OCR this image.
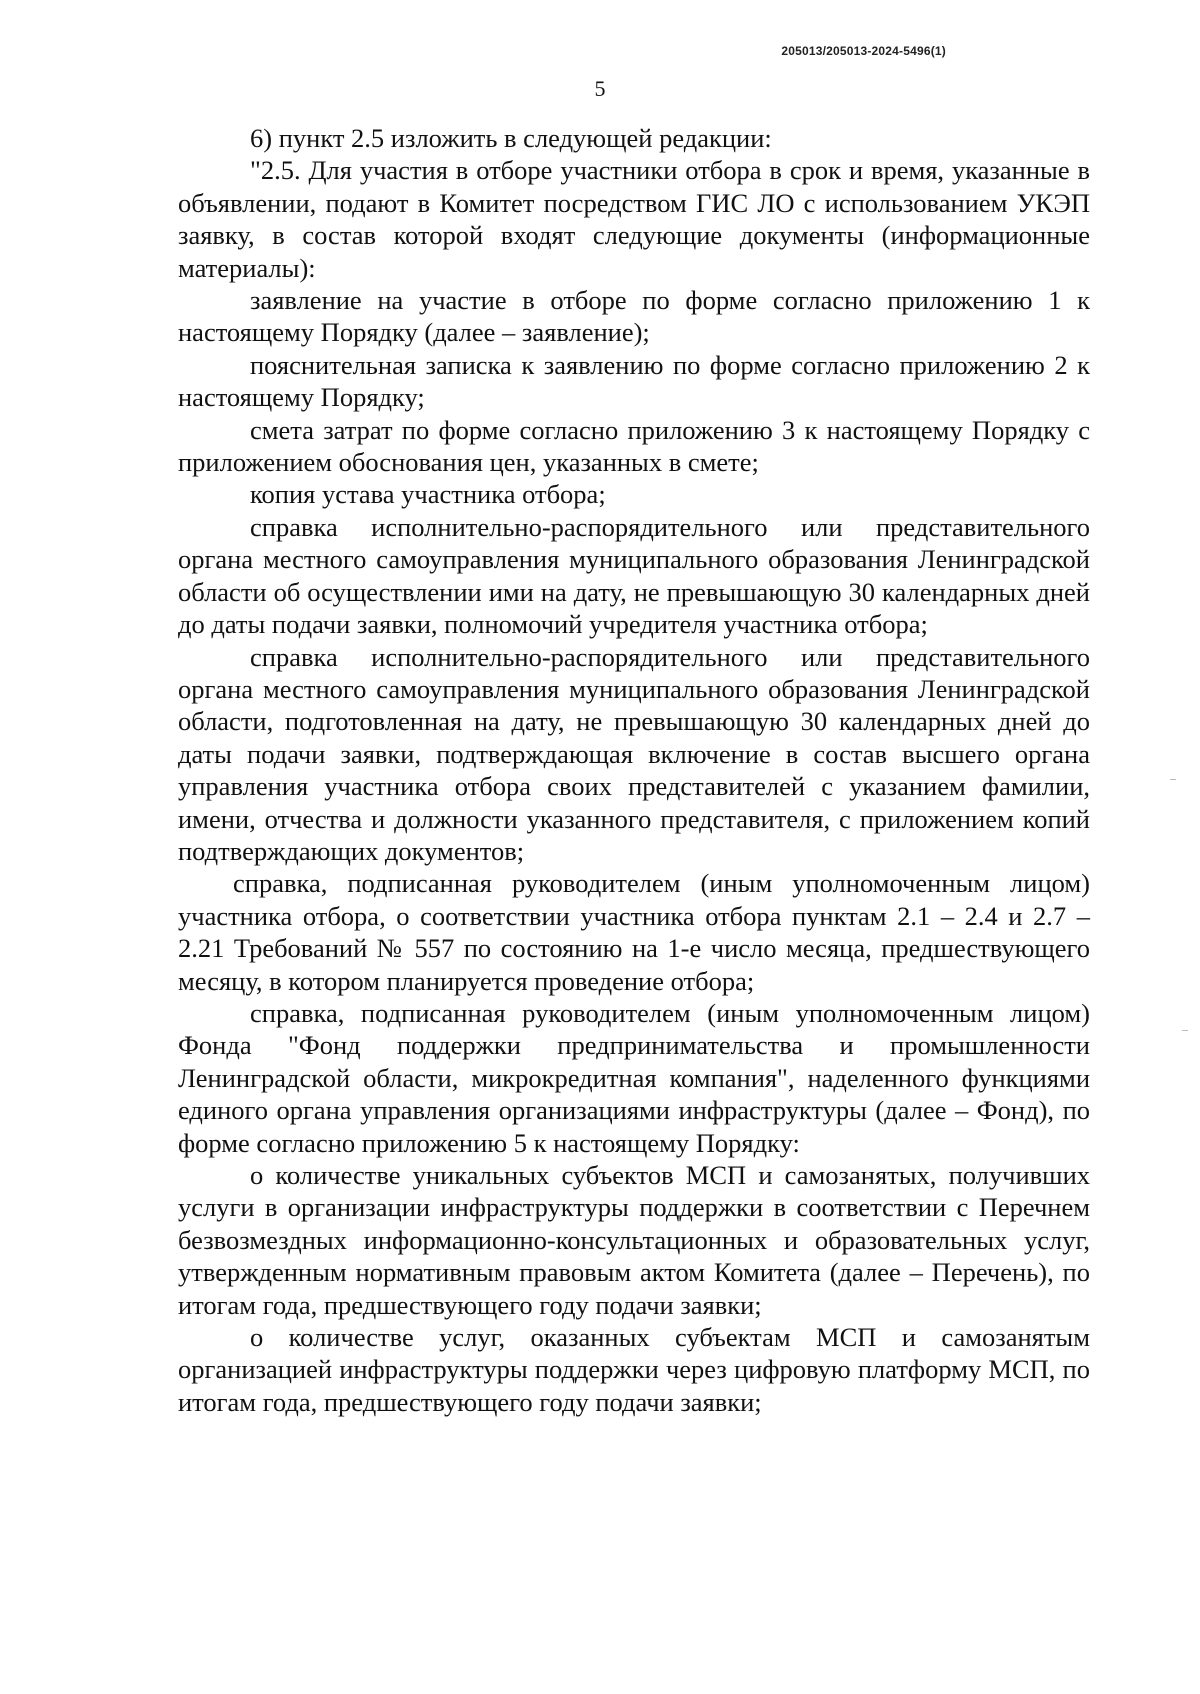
205013/205013-2024-5496(1)
5

6) пункт 2.5 изложить в следующей редакции:

"2.5. Для участия в отборе участники отбора в срок и время, указанные в объявлении, подают в Комитет посредством ГИС ЛО с использованием УКЭП заявку, в состав которой входят следующие документы (информационные материалы):

заявление на участие в отборе по форме согласно приложению 1 к настоящему Порядку (далее – заявление);

пояснительная записка к заявлению по форме согласно приложению 2 к настоящему Порядку;

смета затрат по форме согласно приложению 3 к настоящему Порядку с приложением обоснования цен, указанных в смете;

копия устава участника отбора;

справка исполнительно-распорядительного или представительного органа местного самоуправления муниципального образования Ленинградской области об осуществлении ими на дату, не превышающую 30 календарных дней до даты подачи заявки, полномочий учредителя участника отбора;

справка исполнительно-распорядительного или представительного органа местного самоуправления муниципального образования Ленинградской области, подготовленная на дату, не превышающую 30 календарных дней до даты подачи заявки, подтверждающая включение в состав высшего органа управления участника отбора своих представителей с указанием фамилии, имени, отчества и должности указанного представителя, с приложением копий подтверждающих документов;

справка, подписанная руководителем (иным уполномоченным лицом) участника отбора, о соответствии участника отбора пунктам 2.1 – 2.4 и 2.7 – 2.21 Требований № 557 по состоянию на 1-е число месяца, предшествующего месяцу, в котором планируется проведение отбора;

справка, подписанная руководителем (иным уполномоченным лицом) Фонда "Фонд поддержки предпринимательства и промышленности Ленинградской области, микрокредитная компания", наделенного функциями единого органа управления организациями инфраструктуры (далее – Фонд), по форме согласно приложению 5 к настоящему Порядку:

о количестве уникальных субъектов МСП и самозанятых, получивших услуги в организации инфраструктуры поддержки в соответствии с Перечнем безвозмездных информационно-консультационных и образовательных услуг, утвержденным нормативным правовым актом Комитета (далее – Перечень), по итогам года, предшествующего году подачи заявки;

о количестве услуг, оказанных субъектам МСП и самозанятым организацией инфраструктуры поддержки через цифровую платформу МСП, по итогам года, предшествующего году подачи заявки;
